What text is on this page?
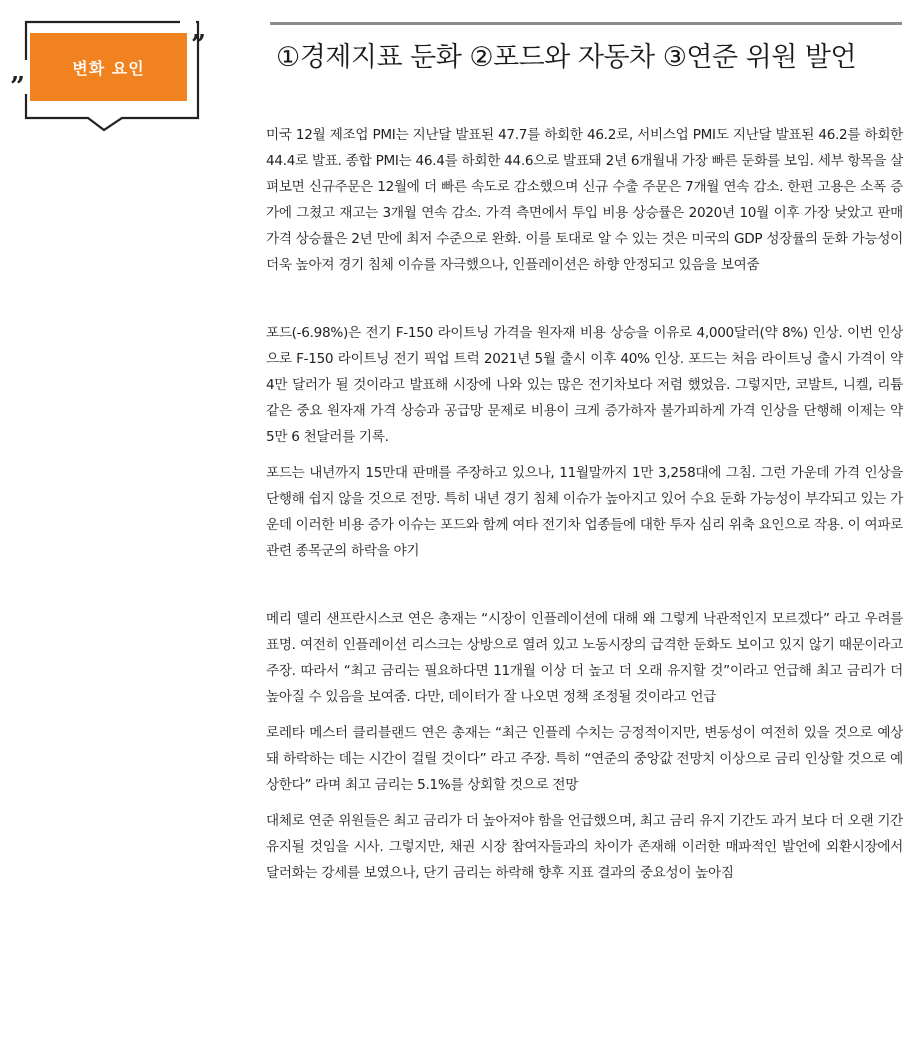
변화 요인
”
”
①경제지표 둔화 ②포드와 자동차 ③연준 위원 발언

미국 12월 제조업 PMI는 지난달 발표된 47.7를 하회한 46.2로, 서비스업 PMI도 지난달 발표된 46.2를 하회한 44.4로 발표. 종합 PMI는 46.4를 하회한 44.6으로 발표돼 2년 6개월내 가장 빠른 둔화를 보임. 세부 항목을 살펴보면 신규주문은 12월에 더 빠른 속도로 감소했으며 신규 수출 주문은 7개월 연속 감소. 한편 고용은 소폭 증가에 그쳤고 재고는 3개월 연속 감소. 가격 측면에서 투입 비용 상승률은 2020년 10월 이후 가장 낮았고 판매 가격 상승률은 2년 만에 최저 수준으로 완화. 이를 토대로 알 수 있는 것은 미국의 GDP 성장률의 둔화 가능성이 더욱 높아져 경기 침체 이슈를 자극했으나, 인플레이션은 하향 안정되고 있음을 보여줌

포드(-6.98%)은 전기 F-150 라이트닝 가격을 원자재 비용 상승을 이유로 4,000달러(약 8%) 인상. 이번 인상으로 F-150 라이트닝 전기 픽업 트럭 2021년 5월 출시 이후 40% 인상. 포드는 처음 라이트닝 출시 가격이 약 4만 달러가 될 것이라고 발표해 시장에 나와 있는 많은 전기차보다 저렴 했었음. 그렇지만, 코발트, 니켈, 리튬 같은 중요 원자재 가격 상승과 공급망 문제로 비용이 크게 증가하자 불가피하게 가격 인상을 단행해 이제는 약 5만 6 천달러를 기록.

포드는 내년까지 15만대 판매를 주장하고 있으나, 11월말까지 1만 3,258대에 그침. 그런 가운데 가격 인상을 단행해 쉽지 않을 것으로 전망. 특히 내년 경기 침체 이슈가 높아지고 있어 수요 둔화 가능성이 부각되고 있는 가운데 이러한 비용 증가 이슈는 포드와 함께 여타 전기차 업종들에 대한 투자 심리 위축 요인으로 작용. 이 여파로 관련 종목군의 하락을 야기

메리 델리 샌프란시스코 연은 총재는 “시장이 인플레이션에 대해 왜 그렇게 낙관적인지 모르겠다” 라고 우려를 표명. 여전히 인플레이션 리스크는 상방으로 열려 있고 노동시장의 급격한 둔화도 보이고 있지 않기 때문이라고 주장. 따라서 “최고 금리는 필요하다면 11개월 이상 더 높고 더 오래 유지할 것”이라고 언급해 최고 금리가 더 높아질 수 있음을 보여줌. 다만, 데이터가 잘 나오면 정책 조정될 것이라고 언급

로레타 메스터 클리블랜드 연은 총재는 “최근 인플레 수치는 긍정적이지만, 변동성이 여전히 있을 것으로 예상돼 하락하는 데는 시간이 걸릴 것이다” 라고 주장. 특히 “연준의 중앙값 전망치 이상으로 금리 인상할 것으로 예상한다” 라며 최고 금리는 5.1%를 상회할 것으로 전망

대체로 연준 위원들은 최고 금리가 더 높아져야 함을 언급했으며, 최고 금리 유지 기간도 과거 보다 더 오랜 기간 유지될 것임을 시사. 그렇지만, 채권 시장 참여자들과의 차이가 존재해 이러한 매파적인 발언에 외환시장에서 달러화는 강세를 보였으나, 단기 금리는 하락해 향후 지표 결과의 중요성이 높아짐
